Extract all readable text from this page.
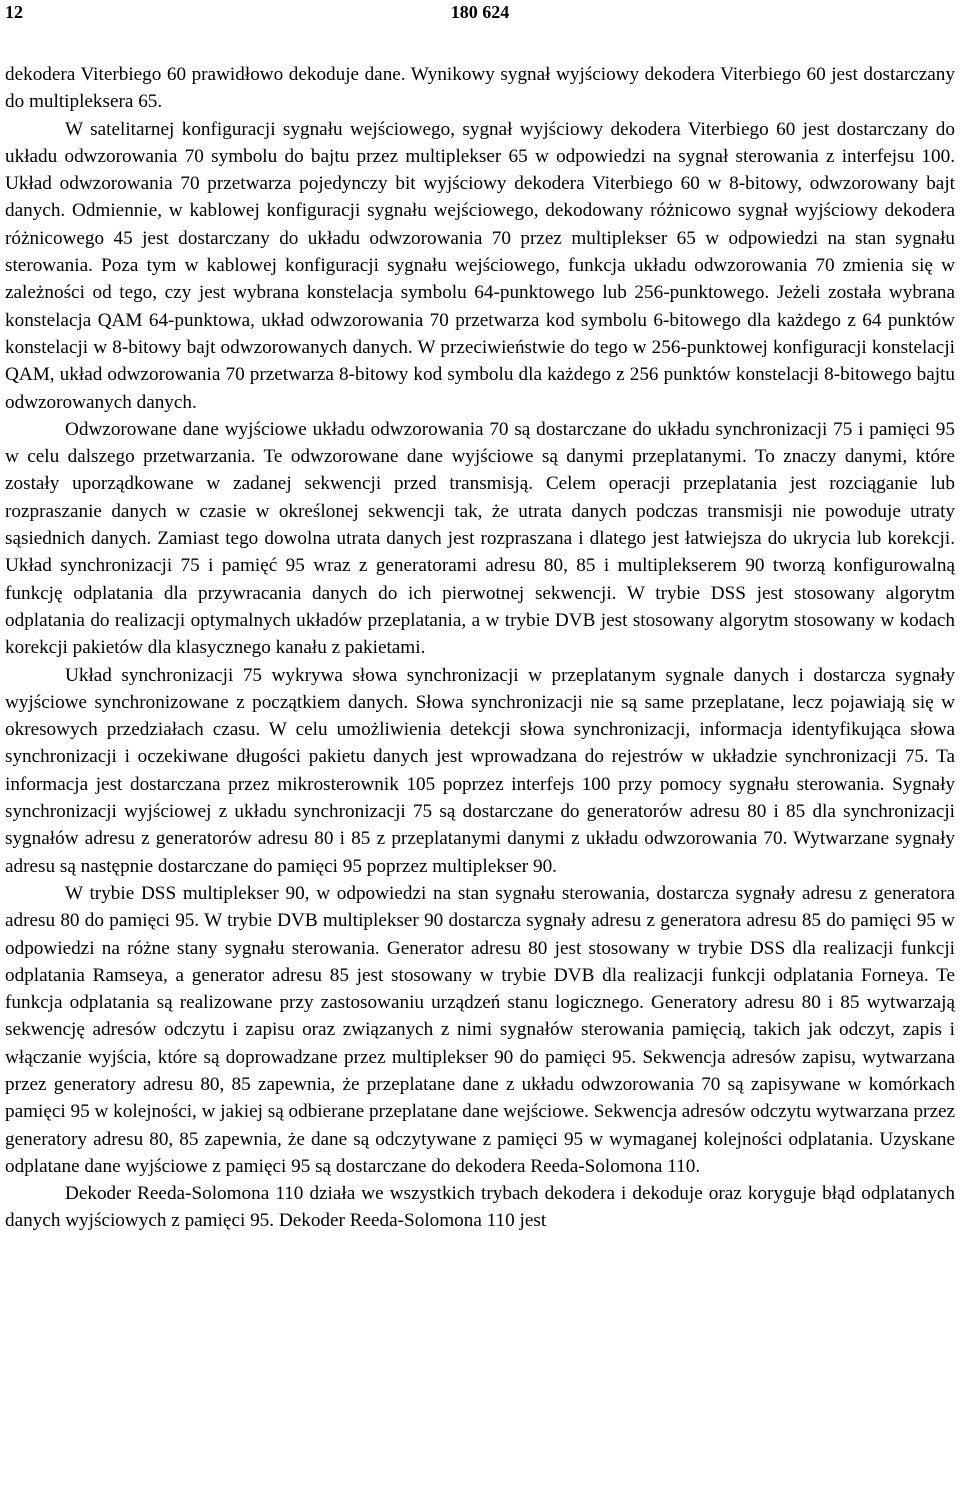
12	180 624

dekodera Viterbiego 60 prawidłowo dekoduje dane. Wynikowy sygnał wyjściowy dekodera Viterbiego 60 jest dostarczany do multipleksera 65.

W satelitarnej konfiguracji sygnału wejściowego, sygnał wyjściowy dekodera Viterbiego 60 jest dostarczany do układu odwzorowania 70 symbolu do bajtu przez multiplekser 65 w odpowiedzi na sygnał sterowania z interfejsu 100. Układ odwzorowania 70 przetwarza pojedynczy bit wyjściowy dekodera Viterbiego 60 w 8-bitowy, odwzorowany bajt danych. Odmiennie, w kablowej konfiguracji sygnału wejściowego, dekodowany różnicowo sygnał wyjściowy dekodera różnicowego 45 jest dostarczany do układu odwzorowania 70 przez multiplekser 65 w odpowiedzi na stan sygnału sterowania. Poza tym w kablowej konfiguracji sygnału wejściowego, funkcja układu odwzorowania 70 zmienia się w zależności od tego, czy jest wybrana konstelacja symbolu 64-punktowego lub 256-punktowego. Jeżeli została wybrana konstelacja QAM 64-punktowa, układ odwzorowania 70 przetwarza kod symbolu 6-bitowego dla każdego z 64 punktów konstelacji w 8-bitowy bajt odwzorowanych danych. W przeciwieństwie do tego w 256-punktowej konfiguracji konstelacji QAM, układ odwzorowania 70 przetwarza 8-bitowy kod symbolu dla każdego z 256 punktów konstelacji 8-bitowego bajtu odwzorowanych danych.

Odwzorowane dane wyjściowe układu odwzorowania 70 są dostarczane do układu synchronizacji 75 i pamięci 95 w celu dalszego przetwarzania. Te odwzorowane dane wyjściowe są danymi przeplatanymi. To znaczy danymi, które zostały uporządkowane w zadanej sekwencji przed transmisją. Celem operacji przeplatania jest rozciąganie lub rozpraszanie danych w czasie w określonej sekwencji tak, że utrata danych podczas transmisji nie powoduje utraty sąsiednich danych. Zamiast tego dowolna utrata danych jest rozpraszana i dlatego jest łatwiejsza do ukrycia lub korekcji. Układ synchronizacji 75 i pamięć 95 wraz z generatorami adresu 80, 85 i multiplekserem 90 tworzą konfigurowalną funkcję odplatania dla przywracania danych do ich pierwotnej sekwencji. W trybie DSS jest stosowany algorytm odplatania do realizacji optymalnych układów przeplatania, a w trybie DVB jest stosowany algorytm stosowany w kodach korekcji pakietów dla klasycznego kanału z pakietami.

Układ synchronizacji 75 wykrywa słowa synchronizacji w przeplatanym sygnale danych i dostarcza sygnały wyjściowe synchronizowane z początkiem danych. Słowa synchronizacji nie są same przeplatane, lecz pojawiają się w okresowych przedziałach czasu. W celu umożliwienia detekcji słowa synchronizacji, informacja identyfikująca słowa synchronizacji i oczekiwane długości pakietu danych jest wprowadzana do rejestrów w układzie synchronizacji 75. Ta informacja jest dostarczana przez mikrosterownik 105 poprzez interfejs 100 przy pomocy sygnału sterowania. Sygnały synchronizacji wyjściowej z układu synchronizacji 75 są dostarczane do generatorów adresu 80 i 85 dla synchronizacji sygnałów adresu z generatorów adresu 80 i 85 z przeplatanymi danymi z układu odwzorowania 70. Wytwarzane sygnały adresu są następnie dostarczane do pamięci 95 poprzez multiplekser 90.

W trybie DSS multiplekser 90, w odpowiedzi na stan sygnału sterowania, dostarcza sygnały adresu z generatora adresu 80 do pamięci 95. W trybie DVB multiplekser 90 dostarcza sygnały adresu z generatora adresu 85 do pamięci 95 w odpowiedzi na różne stany sygnału sterowania. Generator adresu 80 jest stosowany w trybie DSS dla realizacji funkcji odplatania Ramseya, a generator adresu 85 jest stosowany w trybie DVB dla realizacji funkcji odplatania Forneya. Te funkcja odplatania są realizowane przy zastosowaniu urządzeń stanu logicznego. Generatory adresu 80 i 85 wytwarzają sekwencję adresów odczytu i zapisu oraz związanych z nimi sygnałów sterowania pamięcią, takich jak odczyt, zapis i włączanie wyjścia, które są doprowadzane przez multiplekser 90 do pamięci 95. Sekwencja adresów zapisu, wytwarzana przez generatory adresu 80, 85 zapewnia, że przeplatane dane z układu odwzorowania 70 są zapisywane w komórkach pamięci 95 w kolejności, w jakiej są odbierane przeplatane dane wejściowe. Sekwencja adresów odczytu wytwarzana przez generatory adresu 80, 85 zapewnia, że dane są odczytywane z pamięci 95 w wymaganej kolejności odplatania. Uzyskane odplatane dane wyjściowe z pamięci 95 są dostarczane do dekodera Reeda-Solomona 110.

Dekoder Reeda-Solomona 110 działa we wszystkich trybach dekodera i dekoduje oraz koryguje błąd odplatanych danych wyjściowych z pamięci 95. Dekoder Reeda-Solomona 110 jest
